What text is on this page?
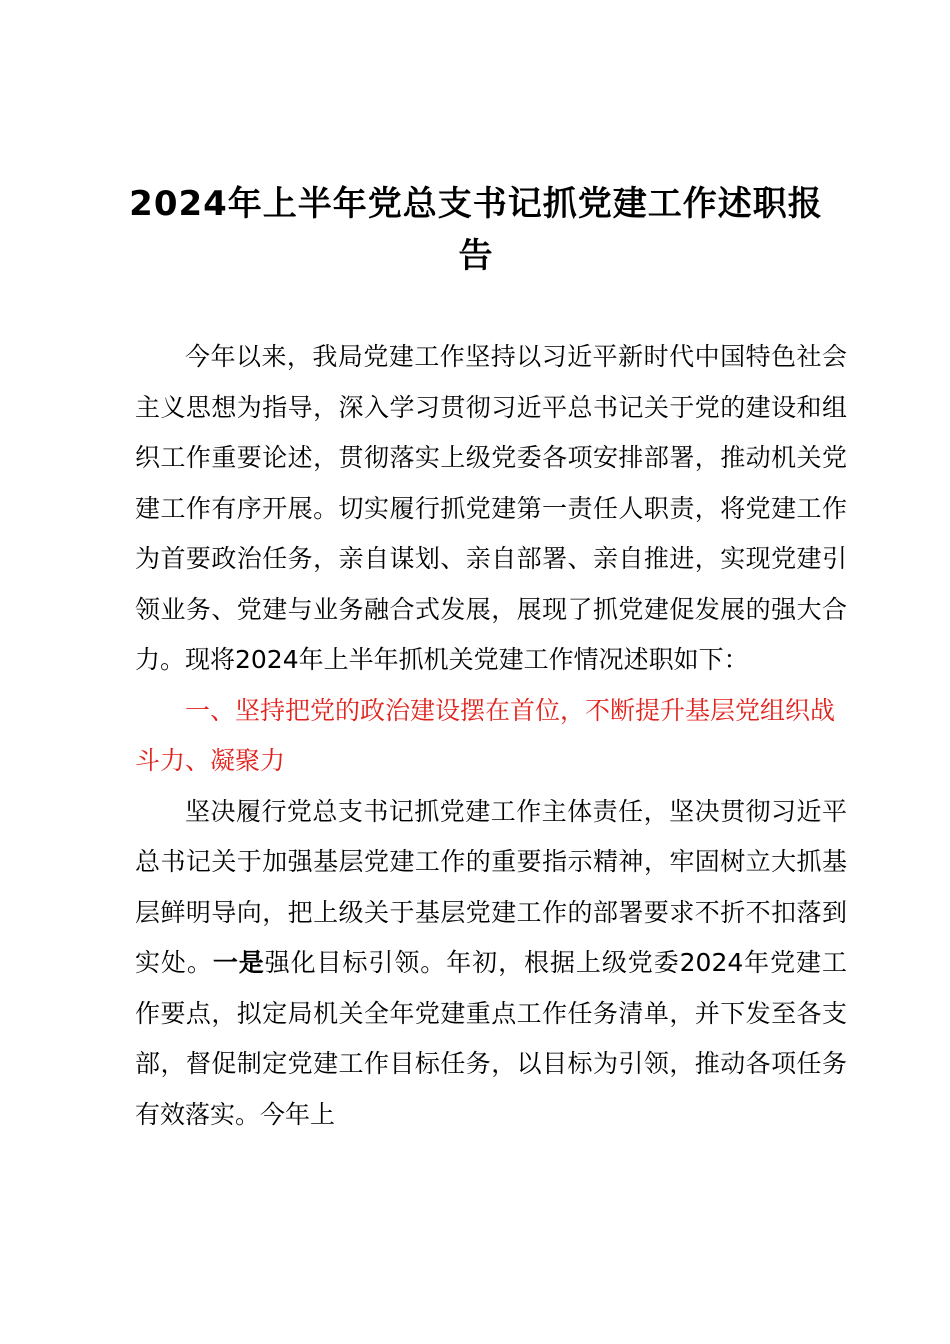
2024年上半年党总支书记抓党建工作述职报告

今年以来，我局党建工作坚持以习近平新时代中国特色社会主义思想为指导，深入学习贯彻习近平总书记关于党的建设和组织工作重要论述，贯彻落实上级党委各项安排部署，推动机关党建工作有序开展。切实履行抓党建第一责任人职责，将党建工作为首要政治任务，亲自谋划、亲自部署、亲自推进，实现党建引领业务、党建与业务融合式发展，展现了抓党建促发展的强大合力。现将2024年上半年抓机关党建工作情况述职如下：

一、坚持把党的政治建设摆在首位，不断提升基层党组织战斗力、凝聚力

坚决履行党总支书记抓党建工作主体责任，坚决贯彻习近平总书记关于加强基层党建工作的重要指示精神，牢固树立大抓基层鲜明导向，把上级关于基层党建工作的部署要求不折不扣落到实处。一是强化目标引领。年初，根据上级党委2024年党建工作要点，拟定局机关全年党建重点工作任务清单，并下发至各支部，督促制定党建工作目标任务，以目标为引领，推动各项任务有效落实。今年上
